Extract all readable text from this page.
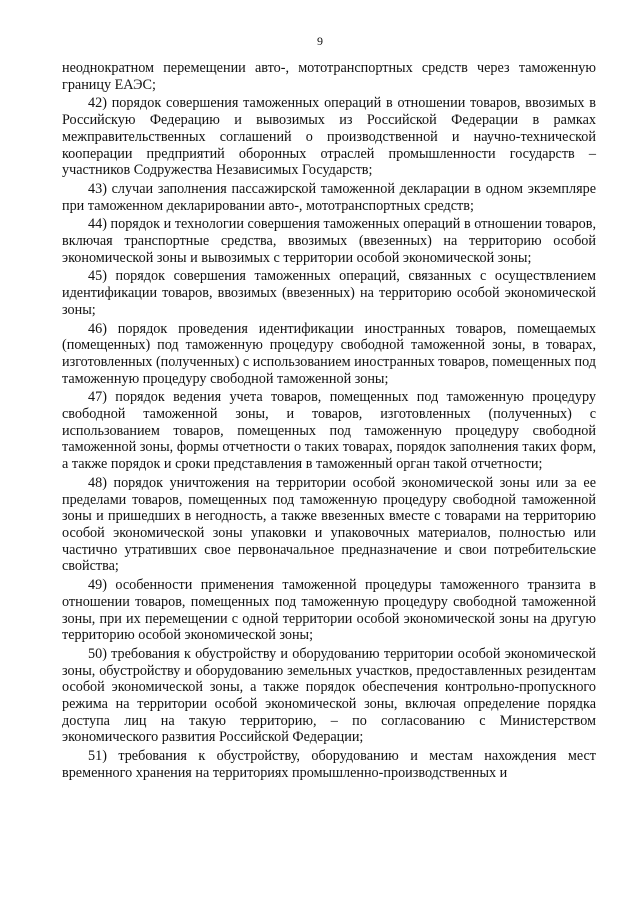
9

неоднократном перемещении авто-, мототранспортных средств через таможенную границу ЕАЭС;

42) порядок совершения таможенных операций в отношении товаров, ввозимых в Российскую Федерацию и вывозимых из Российской Федерации в рамках межправительственных соглашений о производственной и научно-технической кооперации предприятий оборонных отраслей промышленности государств – участников Содружества Независимых Государств;

43) случаи заполнения пассажирской таможенной декларации в одном экземпляре при таможенном декларировании авто-, мототранспортных средств;

44) порядок и технологии совершения таможенных операций в отношении товаров, включая транспортные средства, ввозимых (ввезенных) на территорию особой экономической зоны и вывозимых с территории особой экономической зоны;

45) порядок совершения таможенных операций, связанных с осуществлением идентификации товаров, ввозимых (ввезенных) на территорию особой экономической зоны;

46) порядок проведения идентификации иностранных товаров, помещаемых (помещенных) под таможенную процедуру свободной таможенной зоны, в товарах, изготовленных (полученных) с использованием иностранных товаров, помещенных под таможенную процедуру свободной таможенной зоны;

47) порядок ведения учета товаров, помещенных под таможенную процедуру свободной таможенной зоны, и товаров, изготовленных (полученных) с использованием товаров, помещенных под таможенную процедуру свободной таможенной зоны, формы отчетности о таких товарах, порядок заполнения таких форм, а также порядок и сроки представления в таможенный орган такой отчетности;

48) порядок уничтожения на территории особой экономической зоны или за ее пределами товаров, помещенных под таможенную процедуру свободной таможенной зоны и пришедших в негодность, а также ввезенных вместе с товарами на территорию особой экономической зоны упаковки и упаковочных материалов, полностью или частично утративших свое первоначальное предназначение и свои потребительские свойства;

49) особенности применения таможенной процедуры таможенного транзита в отношении товаров, помещенных под таможенную процедуру свободной таможенной зоны, при их перемещении с одной территории особой экономической зоны на другую территорию особой экономической зоны;

50) требования к обустройству и оборудованию территории особой экономической зоны, обустройству и оборудованию земельных участков, предоставленных резидентам особой экономической зоны, а также порядок обеспечения контрольно-пропускного режима на территории особой экономической зоны, включая определение порядка доступа лиц на такую территорию, – по согласованию с Министерством экономического развития Российской Федерации;

51) требования к обустройству, оборудованию и местам нахождения мест временного хранения на территориях промышленно-производственных и
